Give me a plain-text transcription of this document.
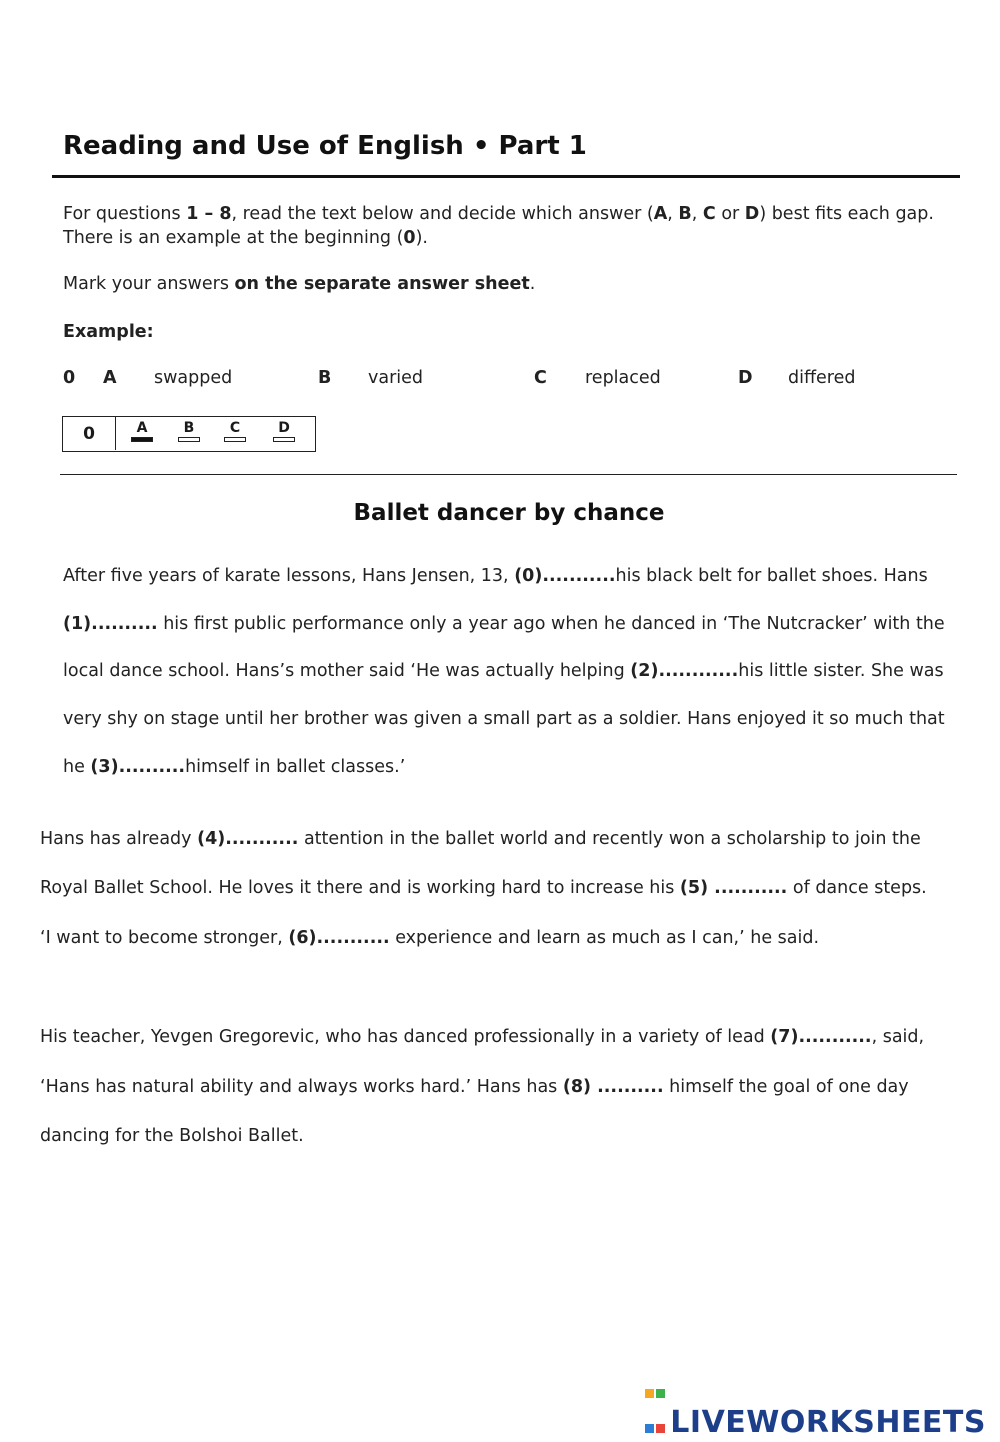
Reading and Use of English • Part 1
For questions 1 – 8, read the text below and decide which answer (A, B, C or D) best fits each gap.
There is an example at the beginning (0).
Mark your answers on the separate answer sheet.
Example:
0 A swapped	B varied	C replaced	D differed
0	A	B	C	D
Ballet dancer by chance
After five years of karate lessons, Hans Jensen, 13, (0)...........his black belt for ballet shoes. Hans
(1).......... his first public performance only a year ago when he danced in ‘The Nutcracker’ with the
local dance school. Hans’s mother said ‘He was actually helping (2)............his little sister. She was
very shy on stage until her brother was given a small part as a soldier. Hans enjoyed it so much that
he (3)..........himself in ballet classes.’
Hans has already (4)........... attention in the ballet world and recently won a scholarship to join the
Royal Ballet School. He loves it there and is working hard to increase his (5) ........... of dance steps.
‘I want to become stronger, (6)........... experience and learn as much as I can,’ he said.
His teacher, Yevgen Gregorevic, who has danced professionally in a variety of lead (7)..........., said,
‘Hans has natural ability and always works hard.’ Hans has (8) .......... himself the goal of one day
dancing for the Bolshoi Ballet.

LIVEWORKSHEETS
